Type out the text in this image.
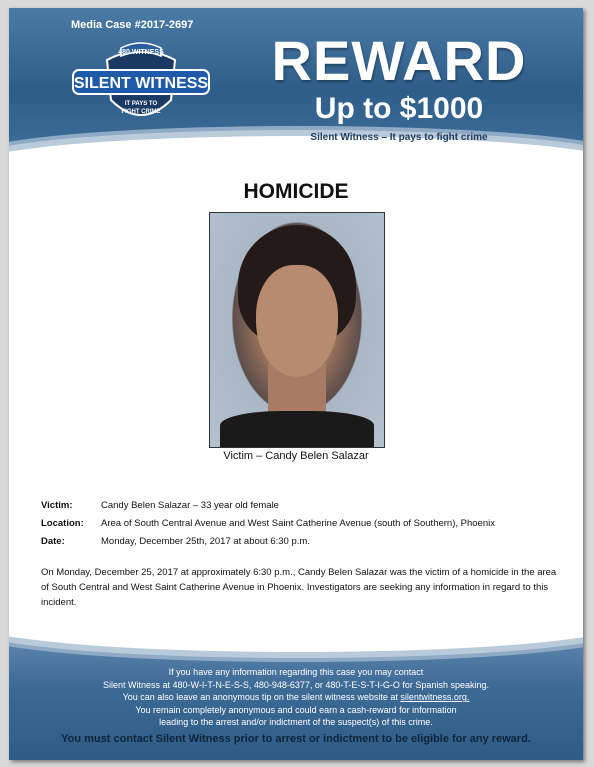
Media Case #2017-2697
480.WITNESS
SILENT WITNESS
IT PAYS TO
FIGHT CRIME
REWARD
Up to $1000
Silent Witness – It pays to fight crime
HOMICIDE
Victim – Candy Belen Salazar
Victim:	Candy Belen Salazar – 33 year old female
Location: Area of South Central Avenue and West Saint Catherine Avenue (south of Southern), Phoenix
Date:	Monday, December 25th, 2017 at about 6:30 p.m.
On Monday, December 25, 2017 at approximately 6:30 p.m., Candy Belen Salazar was the victim of a homicide in the area of South Central and West Saint Catherine Avenue in Phoenix. Investigators are seeking any information in regard to this incident.
If you have any information regarding this case you may contact
Silent Witness at 480-W-I-T-N-E-S-S, 480-948-6377, or 480-T-E-S-T-I-G-O for Spanish speaking.
You can also leave an anonymous tip on the silent witness website at silentwitness.org.
You remain completely anonymous and could earn a cash-reward for information
leading to the arrest and/or indictment of the suspect(s) of this crime.
You must contact Silent Witness prior to arrest or indictment to be eligible for any reward.
